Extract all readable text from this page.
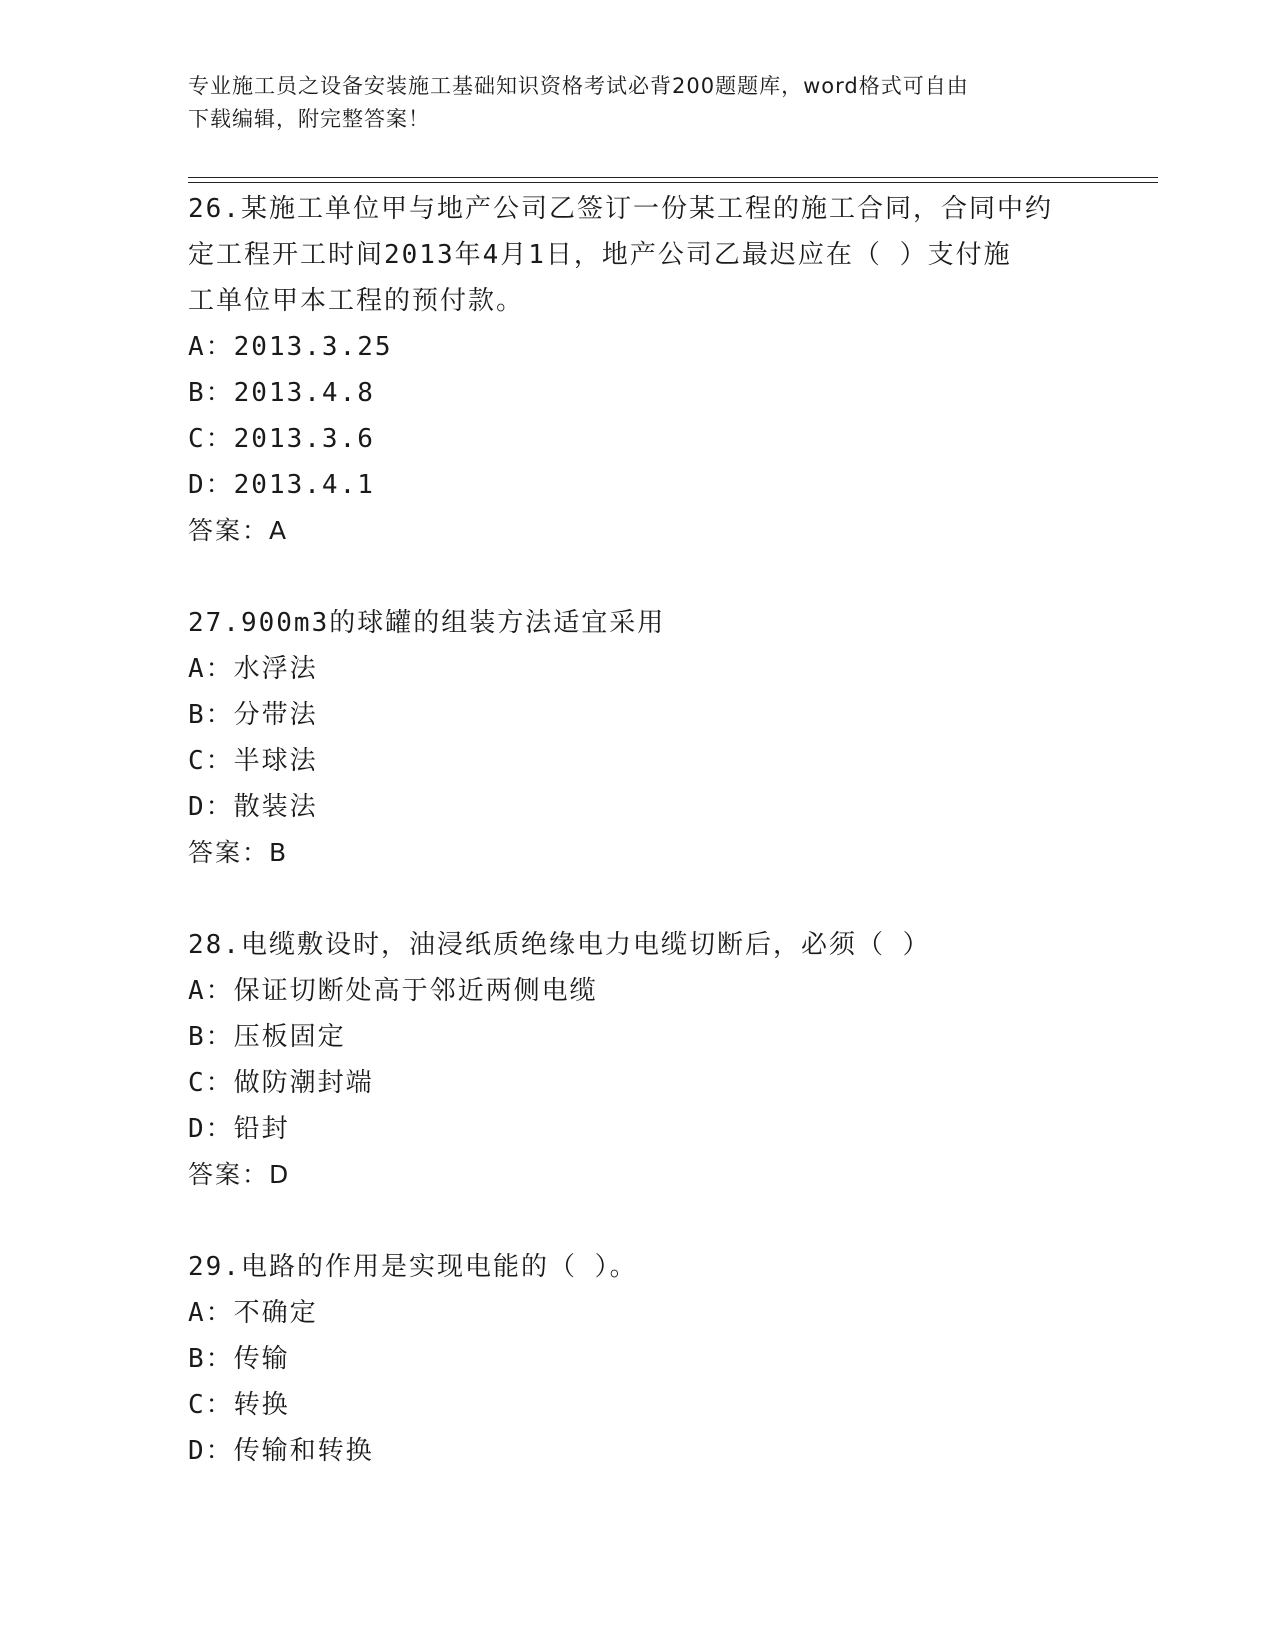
专业施工员之设备安装施工基础知识资格考试必背200题题库，word格式可自由
下载编辑，附完整答案！
26.某施工单位甲与地产公司乙签订一份某工程的施工合同，合同中约
定工程开工时间2013年4月1日，地产公司乙最迟应在（ ）支付施
工单位甲本工程的预付款。
A：2013.3.25
B：2013.4.8
C：2013.3.6
D：2013.4.1
答案：A
27.900m3的球罐的组装方法适宜采用
A：水浮法
B：分带法
C：半球法
D：散装法
答案：B
28.电缆敷设时，油浸纸质绝缘电力电缆切断后，必须（ ）
A：保证切断处高于邻近两侧电缆
B：压板固定
C：做防潮封端
D：铅封
答案：D
29.电路的作用是实现电能的（ ）。
A：不确定
B：传输
C：转换
D：传输和转换
